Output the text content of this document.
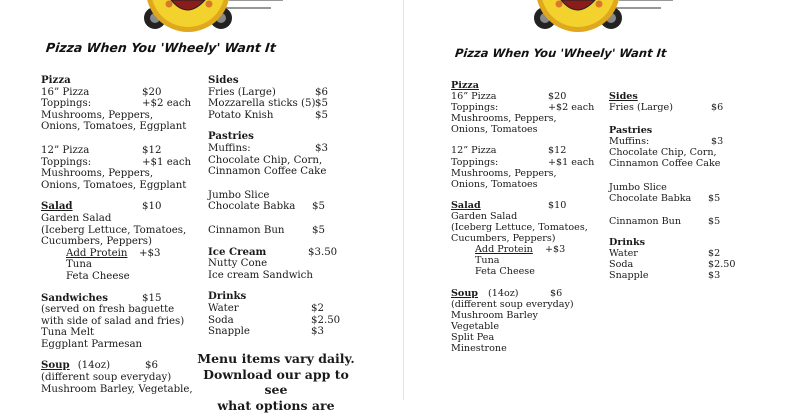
Pizza When You 'Wheely' Want It
Pizza
16” Pizza	$20
Toppings:	+$2 each
Mushrooms, Peppers,
Onions, Tomatoes, Eggplant
12” Pizza	$12
Toppings:	+$1 each
Mushrooms, Peppers,
Onions, Tomatoes, Eggplant
Salad	$10
Garden Salad
(Iceberg Lettuce, Tomatoes,
Cucumbers, Peppers)
Add Protein +$3
Tuna
Feta Cheese
Sandwiches	$15
(served on fresh baguette
with side of salad and fries)
Tuna Melt
Eggplant Parmesan
Soup (14oz)	$6
(different soup everyday)
Mushroom Barley, Vegetable,
Sides
Fries (Large)	$6
Mozzarella sticks (5) $5
Potato Knish	$5
Pastries
Muffins:	$3
Chocolate Chip, Corn,
Cinnamon Coffee Cake
Jumbo Slice
Chocolate Babka $5
Cinnamon Bun	$5
Ice Cream	$3.50
Nutty Cone
Ice cream Sandwich
Drinks
Water	$2
Soda	$2.50
Snapple	$3
Menu items vary daily.
Download our app to see
what options are
Pizza When You 'Wheely' Want It
Pizza
16” Pizza	$20
Toppings:	+$2 each
Mushrooms, Peppers,
Onions, Tomatoes
12” Pizza	$12
Toppings:	+$1 each
Mushrooms, Peppers,
Onions, Tomatoes
Salad	$10
Garden Salad
(Iceberg Lettuce, Tomatoes,
Cucumbers, Peppers)
Add Protein +$3
Tuna
Feta Cheese
Soup (14oz)	$6
(different soup everyday)
Mushroom Barley
Vegetable
Split Pea
Minestrone
Sides
Fries (Large)	$6
Pastries
Muffins:	$3
Chocolate Chip, Corn,
Cinnamon Coffee Cake
Jumbo Slice
Chocolate Babka $5
Cinnamon Bun	$5
Drinks
Water	$2
Soda	$2.50
Snapple	$3
